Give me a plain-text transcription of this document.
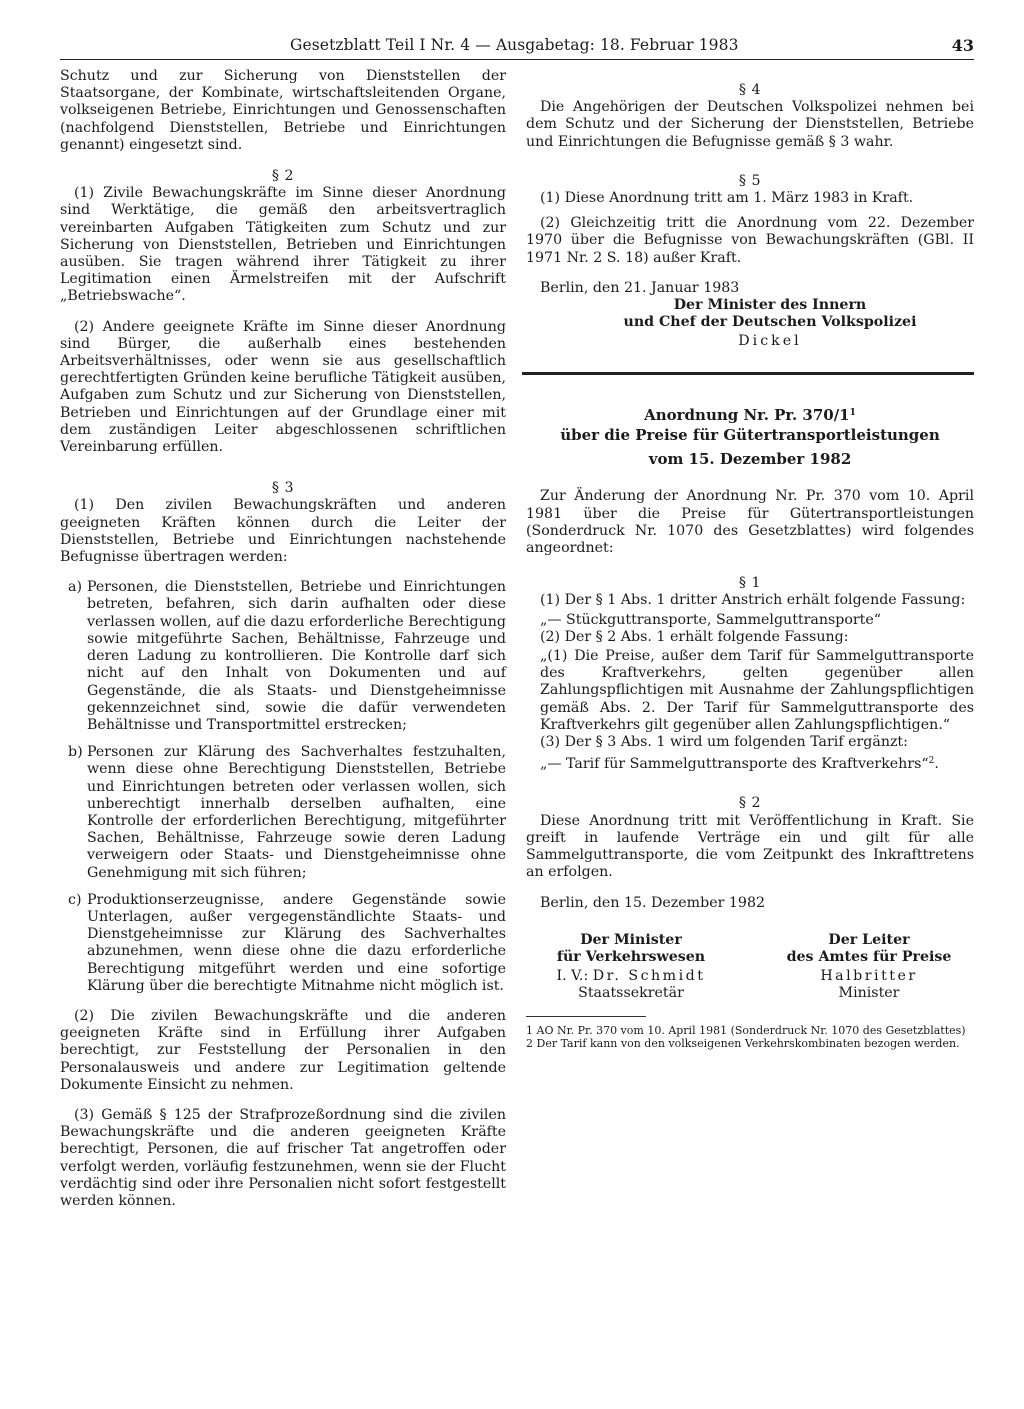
Gesetzblatt Teil I Nr. 4 — Ausgabetag: 18. Februar 1983	43

Schutz und zur Sicherung von Dienststellen der Staatsorgane, der Kombinate, wirtschaftsleitenden Organe, volkseigenen Betriebe, Einrichtungen und Genossenschaften (nachfolgend Dienststellen, Betriebe und Einrichtungen genannt) eingesetzt sind.

§ 2

(1) Zivile Bewachungskräfte im Sinne dieser Anordnung sind Werktätige, die gemäß den arbeitsvertraglich vereinbarten Aufgaben Tätigkeiten zum Schutz und zur Sicherung von Dienststellen, Betrieben und Einrichtungen ausüben. Sie tragen während ihrer Tätigkeit zu ihrer Legitimation einen Ärmelstreifen mit der Aufschrift „Betriebswache“.

(2) Andere geeignete Kräfte im Sinne dieser Anordnung sind Bürger, die außerhalb eines bestehenden Arbeitsverhältnisses, oder wenn sie aus gesellschaftlich gerechtfertigten Gründen keine berufliche Tätigkeit ausüben, Aufgaben zum Schutz und zur Sicherung von Dienststellen, Betrieben und Einrichtungen auf der Grundlage einer mit dem zuständigen Leiter abgeschlossenen schriftlichen Vereinbarung erfüllen.

§ 3

(1) Den zivilen Bewachungskräften und anderen geeigneten Kräften können durch die Leiter der Dienststellen, Betriebe und Einrichtungen nachstehende Befugnisse übertragen werden:

a) Personen, die Dienststellen, Betriebe und Einrichtungen betreten, befahren, sich darin aufhalten oder diese verlassen wollen, auf die dazu erforderliche Berechtigung sowie mitgeführte Sachen, Behältnisse, Fahrzeuge und deren Ladung zu kontrollieren. Die Kontrolle darf sich nicht auf den Inhalt von Dokumenten und auf Gegenstände, die als Staats- und Dienstgeheimnisse gekennzeichnet sind, sowie die dafür verwendeten Behältnisse und Transportmittel erstrecken;
b) Personen zur Klärung des Sachverhaltes festzuhalten, wenn diese ohne Berechtigung Dienststellen, Betriebe und Einrichtungen betreten oder verlassen wollen, sich unberechtigt innerhalb derselben aufhalten, eine Kontrolle der erforderlichen Berechtigung, mitgeführter Sachen, Behältnisse, Fahrzeuge sowie deren Ladung verweigern oder Staats- und Dienstgeheimnisse ohne Genehmigung mit sich führen;
c) Produktionserzeugnisse, andere Gegenstände sowie Unterlagen, außer vergegenständlichte Staats- und Dienstgeheimnisse zur Klärung des Sachverhaltes abzunehmen, wenn diese ohne die dazu erforderliche Berechtigung mitgeführt werden und eine sofortige Klärung über die berechtigte Mitnahme nicht möglich ist.

(2) Die zivilen Bewachungskräfte und die anderen geeigneten Kräfte sind in Erfüllung ihrer Aufgaben berechtigt, zur Feststellung der Personalien in den Personalausweis und andere zur Legitimation geltende Dokumente Einsicht zu nehmen.

(3) Gemäß § 125 der Strafprozeßordnung sind die zivilen Bewachungskräfte und die anderen geeigneten Kräfte berechtigt, Personen, die auf frischer Tat angetroffen oder verfolgt werden, vorläufig festzunehmen, wenn sie der Flucht verdächtig sind oder ihre Personalien nicht sofort festgestellt werden können.

§ 4

Die Angehörigen der Deutschen Volkspolizei nehmen bei dem Schutz und der Sicherung der Dienststellen, Betriebe und Einrichtungen die Befugnisse gemäß § 3 wahr.

§ 5

(1) Diese Anordnung tritt am 1. März 1983 in Kraft.

(2) Gleichzeitig tritt die Anordnung vom 22. Dezember 1970 über die Befugnisse von Bewachungskräften (GBl. II 1971 Nr. 2 S. 18) außer Kraft.

Berlin, den 21. Januar 1983

Der Minister des Innern
und Chef der Deutschen Volkspolizei
Dickel
Anordnung Nr. Pr. $370/1^1$
über die Preise für Gütertransportleistungen
vom 15. Dezember 1982

Zur Änderung der Anordnung Nr. Pr. 370 vom 10. April 1981 über die Preise für Gütertransportleistungen (Sonderdruck Nr. 1070 des Gesetzblattes) wird folgendes angeordnet:

§ 1

(1) Der § 1 Abs. 1 dritter Anstrich erhält folgende Fassung:

„— Stückguttransporte, Sammelguttransporte“

(2) Der § 2 Abs. 1 erhält folgende Fassung:

„(1) Die Preise, außer dem Tarif für Sammelguttransporte des Kraftverkehrs, gelten gegenüber allen Zahlungspflichtigen mit Ausnahme der Zahlungspflichtigen gemäß Abs. 2. Der Tarif für Sammelguttransporte des Kraftverkehrs gilt gegenüber allen Zahlungspflichtigen.“

(3) Der § 3 Abs. 1 wird um folgenden Tarif ergänzt:

„— Tarif für Sammelguttransporte des Kraftverkehrs“$^2$.

§ 2

Diese Anordnung tritt mit Veröffentlichung in Kraft. Sie greift in laufende Verträge ein und gilt für alle Sammelguttransporte, die vom Zeitpunkt des Inkrafttretens an erfolgen.

Berlin, den 15. Dezember 1982

Der Minister
für Verkehrswesen
I. V.: Dr. Schmidt
Staatssekretär
Der Leiter
des Amtes für Preise
Halbritter
Minister

1 AO Nr. Pr. 370 vom 10. April 1981 (Sonderdruck Nr. 1070 des Gesetzblattes)

2 Der Tarif kann von den volkseigenen Verkehrskombinaten bezogen werden.
